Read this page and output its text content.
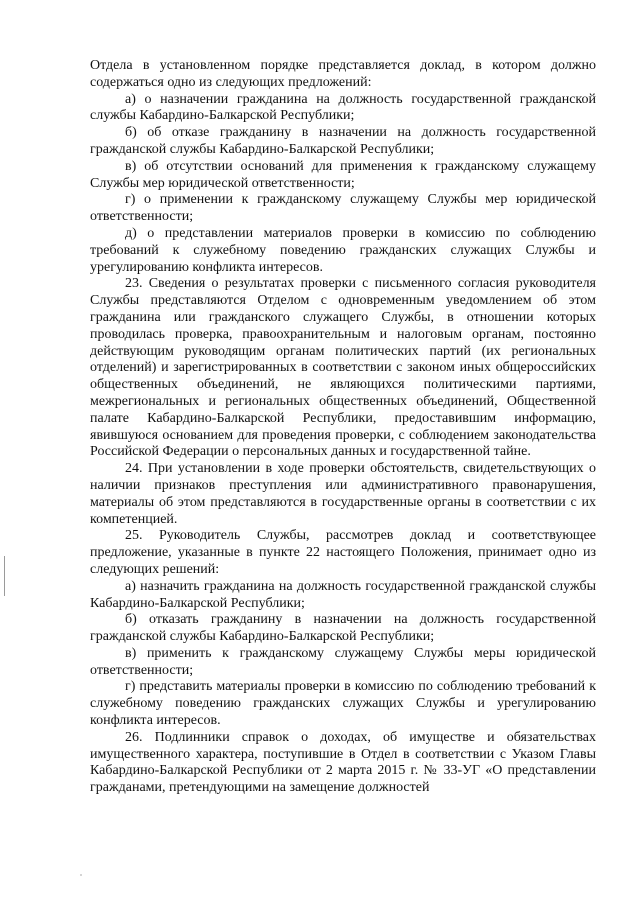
Отдела в установленном порядке представляется доклад, в котором должно содержаться одно из следующих предложений:

а) о назначении гражданина на должность государственной гражданской службы Кабардино-Балкарской Республики;

б) об отказе гражданину в назначении на должность государственной гражданской службы Кабардино-Балкарской Республики;

в) об отсутствии оснований для применения к гражданскому служащему Службы мер юридической ответственности;

г) о применении к гражданскому служащему Службы мер юридической ответственности;

д) о представлении материалов проверки в комиссию по соблюдению требований к служебному поведению гражданских служащих Службы и урегулированию конфликта интересов.

23. Сведения о результатах проверки с письменного согласия руководителя Службы представляются Отделом с одновременным уведомлением об этом гражданина или гражданского служащего Службы, в отношении которых проводилась проверка, правоохранительным и налоговым органам, постоянно действующим руководящим органам политических партий (их региональных отделений) и зарегистрированных в соответствии с законом иных общероссийских общественных объединений, не являющихся политическими партиями, межрегиональных и региональных общественных объединений, Общественной палате Кабардино-Балкарской Республики, предоставившим информацию, явившуюся основанием для проведения проверки, с соблюдением законодательства Российской Федерации о персональных данных и государственной тайне.

24. При установлении в ходе проверки обстоятельств, свидетельствующих о наличии признаков преступления или административного правонарушения, материалы об этом представляются в государственные органы в соответствии с их компетенцией.

25. Руководитель Службы, рассмотрев доклад и соответствующее предложение, указанные в пункте 22 настоящего Положения, принимает одно из следующих решений:

а) назначить гражданина на должность государственной гражданской службы Кабардино-Балкарской Республики;

б) отказать гражданину в назначении на должность государственной гражданской службы Кабардино-Балкарской Республики;

в) применить к гражданскому служащему Службы меры юридической ответственности;

г) представить материалы проверки в комиссию по соблюдению требований к служебному поведению гражданских служащих Службы и урегулированию конфликта интересов.

26. Подлинники справок о доходах, об имуществе и обязательствах имущественного характера, поступившие в Отдел в соответствии с Указом Главы Кабардино-Балкарской Республики от 2 марта 2015 г. № 33-УГ «О представлении гражданами, претендующими на замещение должностей
